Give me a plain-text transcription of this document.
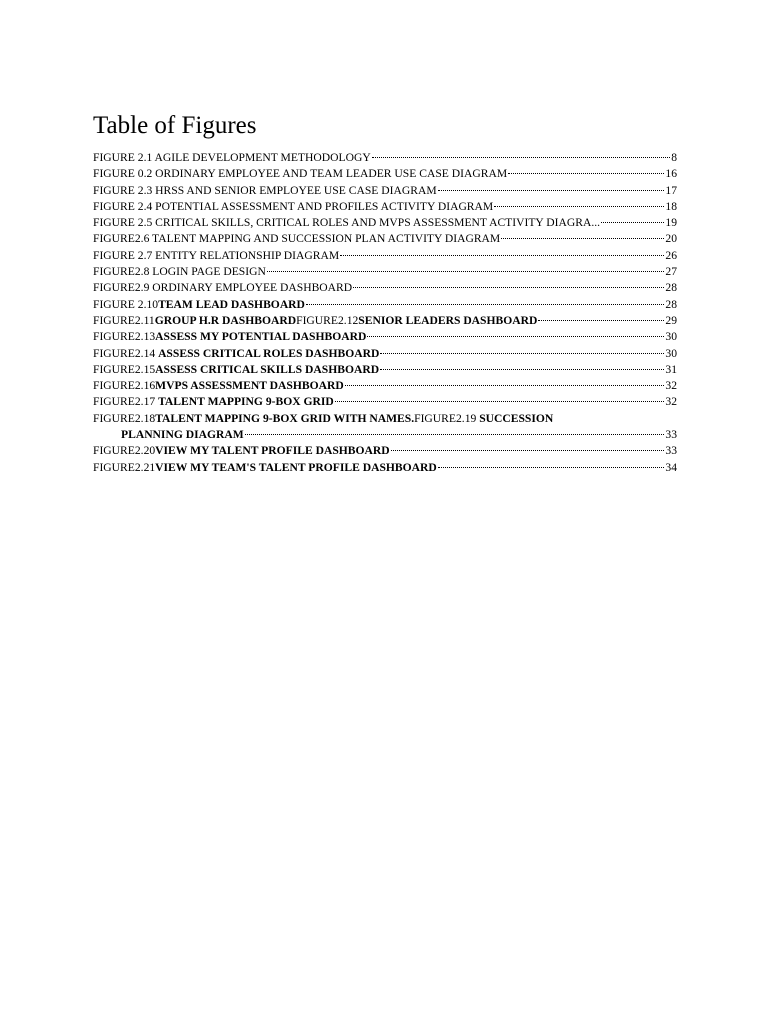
Table of Figures
FIGURE 2.1 AGILE DEVELOPMENT METHODOLOGY	8
FIGURE 0.2 ORDINARY EMPLOYEE AND TEAM LEADER USE CASE DIAGRAM	16
FIGURE 2.3 HRSS AND SENIOR EMPLOYEE USE CASE DIAGRAM	17
FIGURE 2.4 POTENTIAL ASSESSMENT AND PROFILES ACTIVITY DIAGRAM	18
FIGURE 2.5 CRITICAL SKILLS, CRITICAL ROLES AND MVPS ASSESSMENT ACTIVITY DIAGRA...	19
FIGURE2.6 TALENT MAPPING AND SUCCESSION PLAN ACTIVITY DIAGRAM	20
FIGURE 2.7 ENTITY RELATIONSHIP DIAGRAM	26
FIGURE2.8 LOGIN PAGE DESIGN	27
FIGURE2.9 ORDINARY EMPLOYEE DASHBOARD	28
FIGURE 2.10TEAM LEAD DASHBOARD	28
FIGURE2.11GROUP H.R DASHBOARDFIGURE2.12SENIOR LEADERS DASHBOARD	29
FIGURE2.13ASSESS MY POTENTIAL DASHBOARD	30
FIGURE2.14 ASSESS CRITICAL ROLES DASHBOARD	30
FIGURE2.15ASSESS CRITICAL SKILLS DASHBOARD	31
FIGURE2.16MVPS ASSESSMENT DASHBOARD	32
FIGURE2.17 TALENT MAPPING 9-BOX GRID	32
FIGURE2.18TALENT MAPPING 9-BOX GRID WITH NAMES.FIGURE2.19 SUCCESSION
PLANNING DIAGRAM	33
FIGURE2.20VIEW MY TALENT PROFILE DASHBOARD	33
FIGURE2.21VIEW MY TEAM'S TALENT PROFILE DASHBOARD	34
